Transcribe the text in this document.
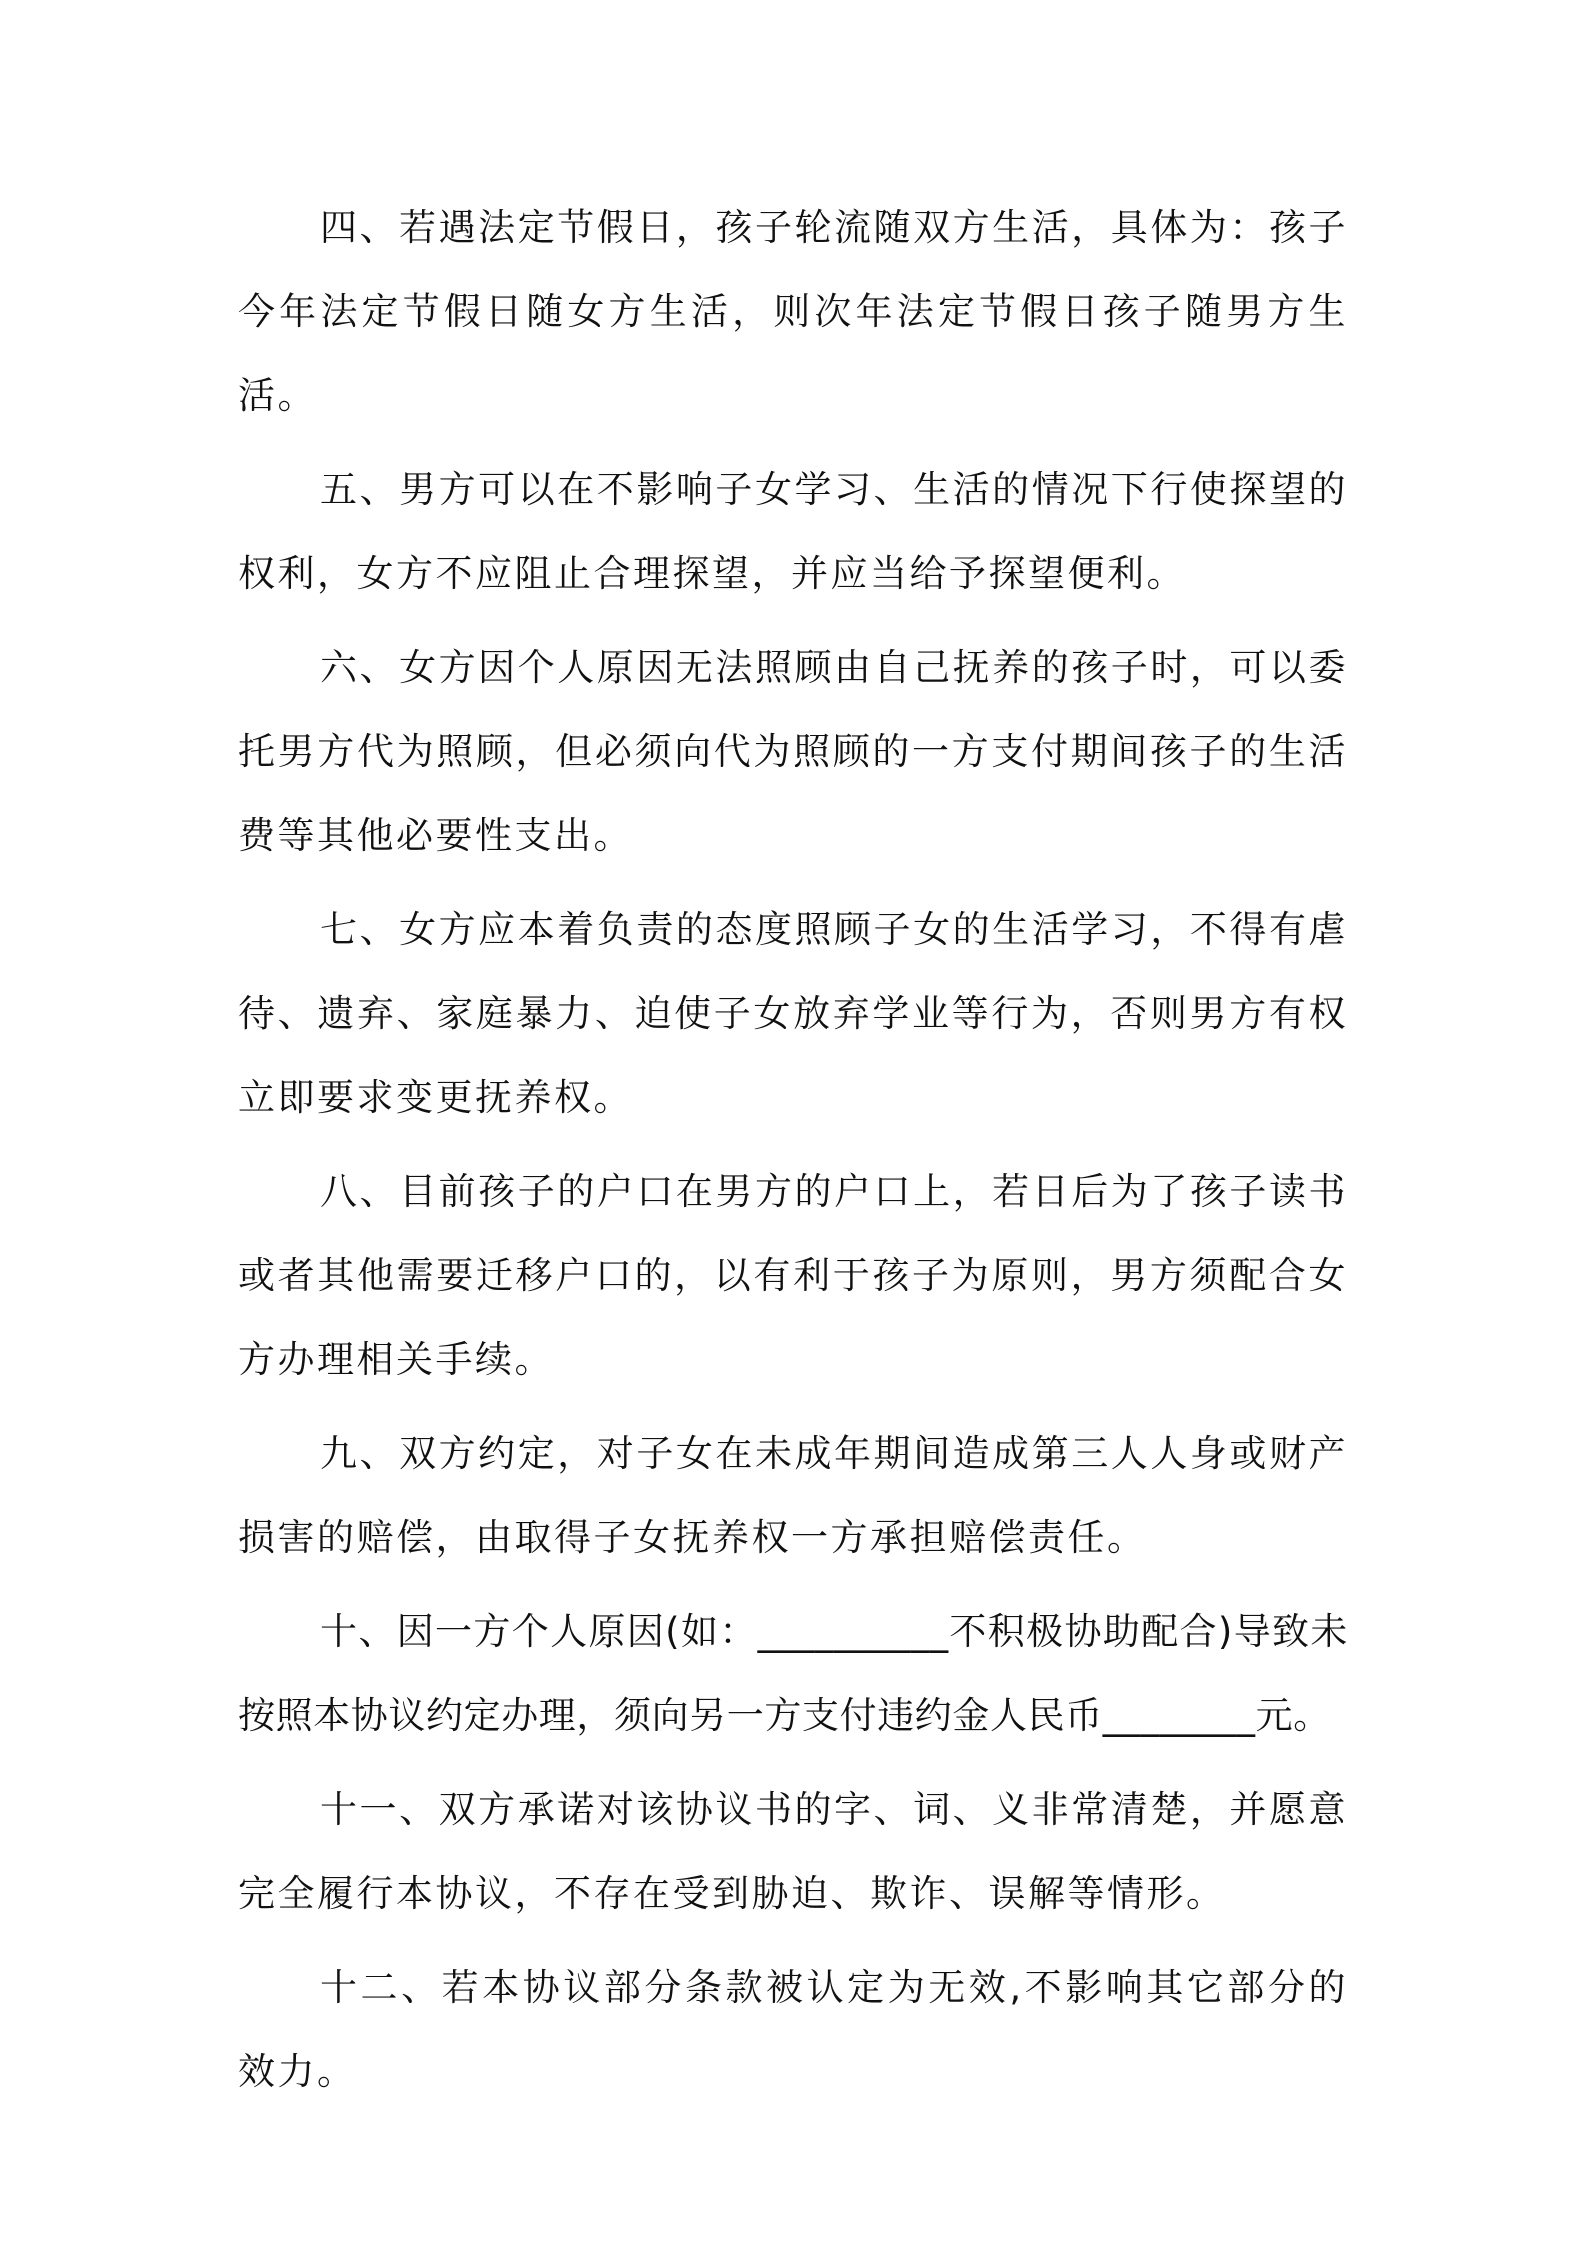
四、若遇法定节假日，孩子轮流随双方生活，具体为：孩子今年法定节假日随女方生活，则次年法定节假日孩子随男方生活。

五、男方可以在不影响子女学习、生活的情况下行使探望的权利，女方不应阻止合理探望，并应当给予探望便利。

六、女方因个人原因无法照顾由自己抚养的孩子时，可以委托男方代为照顾，但必须向代为照顾的一方支付期间孩子的生活费等其他必要性支出。

七、女方应本着负责的态度照顾子女的生活学习，不得有虐待、遗弃、家庭暴力、迫使子女放弃学业等行为，否则男方有权立即要求变更抚养权。

八、目前孩子的户口在男方的户口上，若日后为了孩子读书或者其他需要迁移户口的，以有利于孩子为原则，男方须配合女方办理相关手续。

九、双方约定，对子女在未成年期间造成第三人人身或财产损害的赔偿，由取得子女抚养权一方承担赔偿责任。

十、因一方个人原因(如：__________不积极协助配合)导致未按照本协议约定办理，须向另一方支付违约金人民币________元。

十一、双方承诺对该协议书的字、词、义非常清楚，并愿意完全履行本协议，不存在受到胁迫、欺诈、误解等情形。

十二、若本协议部分条款被认定为无效,不影响其它部分的效力。
